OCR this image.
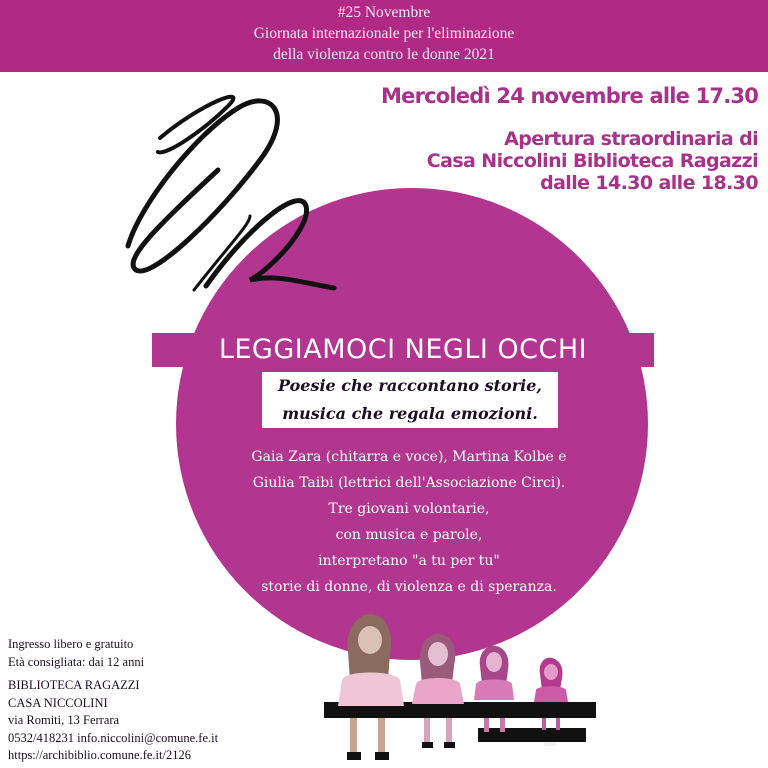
#25 Novembre
Giornata internazionale per l'eliminazione
della violenza contro le donne 2021
Mercoledì 24 novembre alle 17.30
Apertura straordinaria di
Casa Niccolini Biblioteca Ragazzi
dalle 14.30 alle 18.30
LEGGIAMOCI NEGLI OCCHI
Poesie che raccontano storie,
musica che regala emozioni.
Gaia Zara (chitarra e voce), Martina Kolbe e
Giulia Taibi (lettrici dell'Associazione Circi).
Tre giovani volontarie,
con musica e parole,
interpretano "a tu per tu"
storie di donne, di violenza e di speranza.
Ingresso libero e gratuito
Età consigliata: dai 12 anni
BIBLIOTECA RAGAZZI
CASA NICCOLINI
via Romiti, 13 Ferrara
0532/418231 info.niccolini@comune.fe.it
https://archibiblio.comune.fe.it/2126
